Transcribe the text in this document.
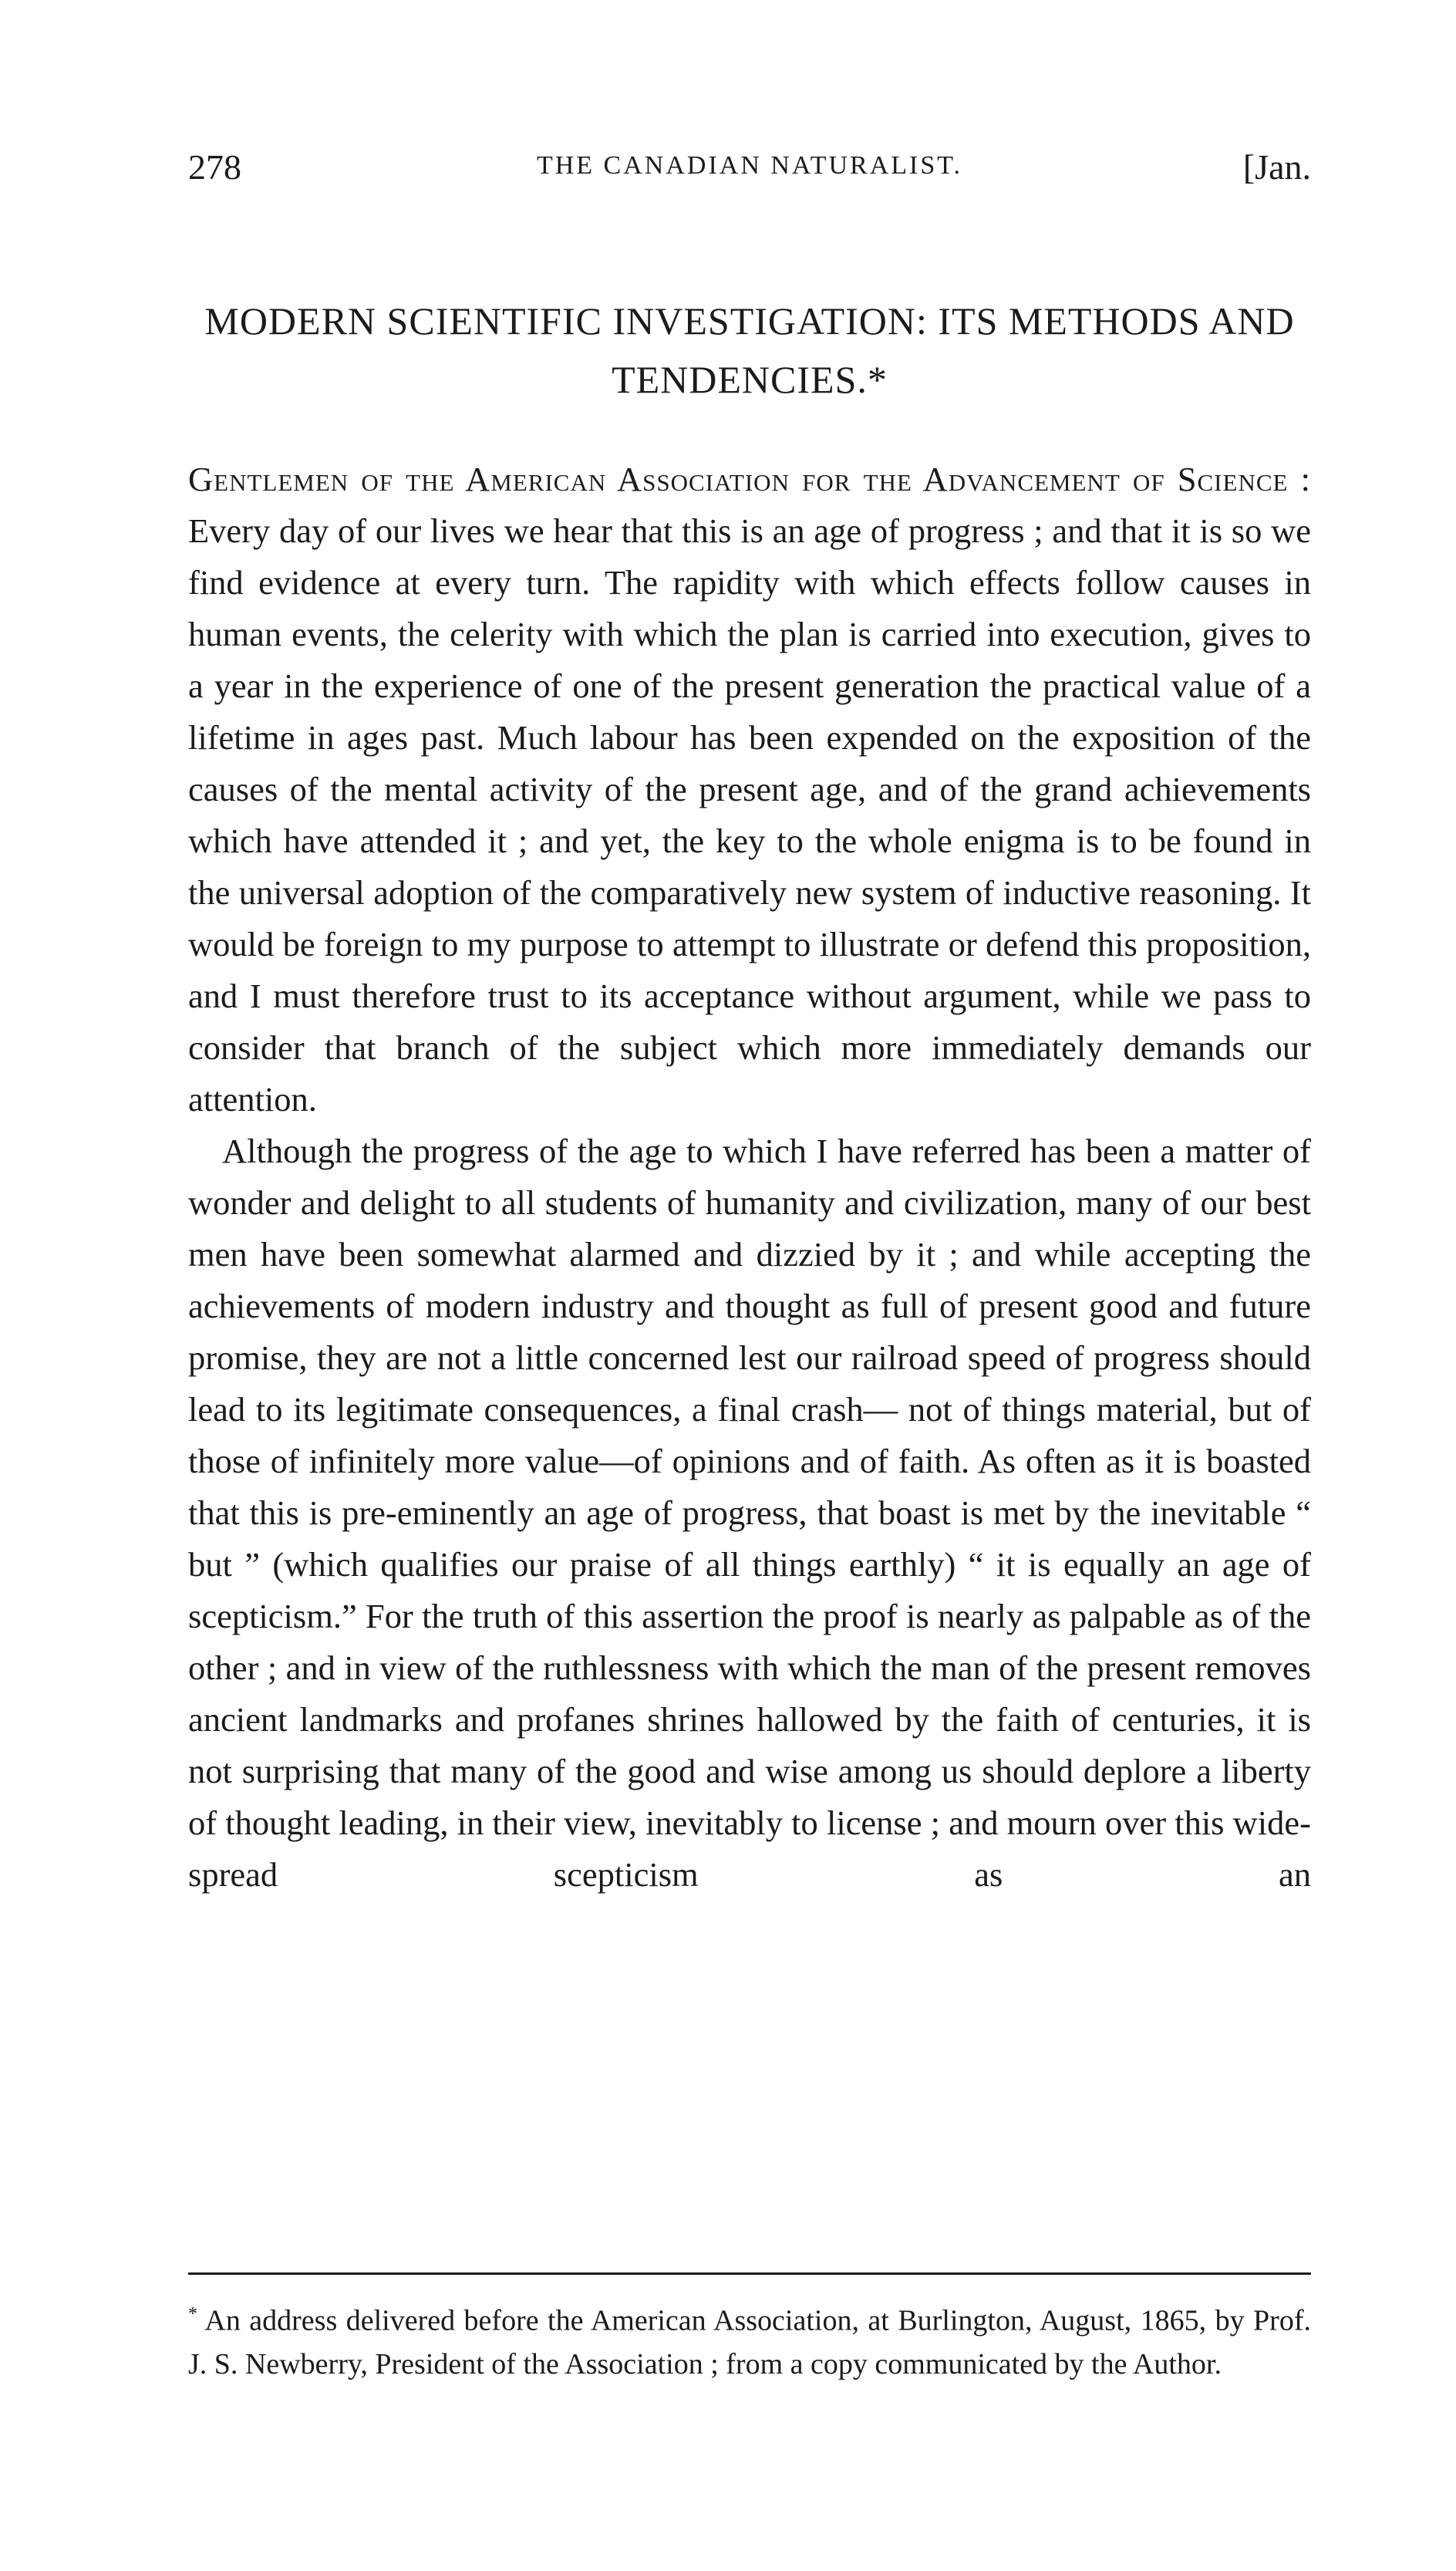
278	THE CANADIAN NATURALIST.	[Jan.
MODERN SCIENTIFIC INVESTIGATION: ITS METHODS AND TENDENCIES.*

Gentlemen of the American Association for the Advancement of Science : Every day of our lives we hear that this is an age of progress ; and that it is so we find evidence at every turn. The rapidity with which effects follow causes in human events, the celerity with which the plan is carried into execution, gives to a year in the experience of one of the present generation the practical value of a lifetime in ages past. Much labour has been expended on the exposition of the causes of the mental activity of the present age, and of the grand achievements which have attended it ; and yet, the key to the whole enigma is to be found in the universal adoption of the comparatively new system of inductive reasoning. It would be foreign to my purpose to attempt to illustrate or defend this proposition, and I must therefore trust to its acceptance without argument, while we pass to consider that branch of the subject which more immediately demands our attention.

Although the progress of the age to which I have referred has been a matter of wonder and delight to all students of humanity and civilization, many of our best men have been somewhat alarmed and dizzied by it ; and while accepting the achievements of modern industry and thought as full of present good and future promise, they are not a little concerned lest our railroad speed of progress should lead to its legitimate consequences, a final crash— not of things material, but of those of infinitely more value—of opinions and of faith. As often as it is boasted that this is pre-eminently an age of progress, that boast is met by the inevitable “ but ” (which qualifies our praise of all things earthly) “ it is equally an age of scepticism.” For the truth of this assertion the proof is nearly as palpable as of the other ; and in view of the ruthlessness with which the man of the present removes ancient landmarks and profanes shrines hallowed by the faith of centuries, it is not surprising that many of the good and wise among us should deplore a liberty of thought leading, in their view, inevitably to license ; and mourn over this wide-spread scepticism as an

* An address delivered before the American Association, at Burlington, August, 1865, by Prof. J. S. Newberry, President of the Association ; from a copy communicated by the Author.
